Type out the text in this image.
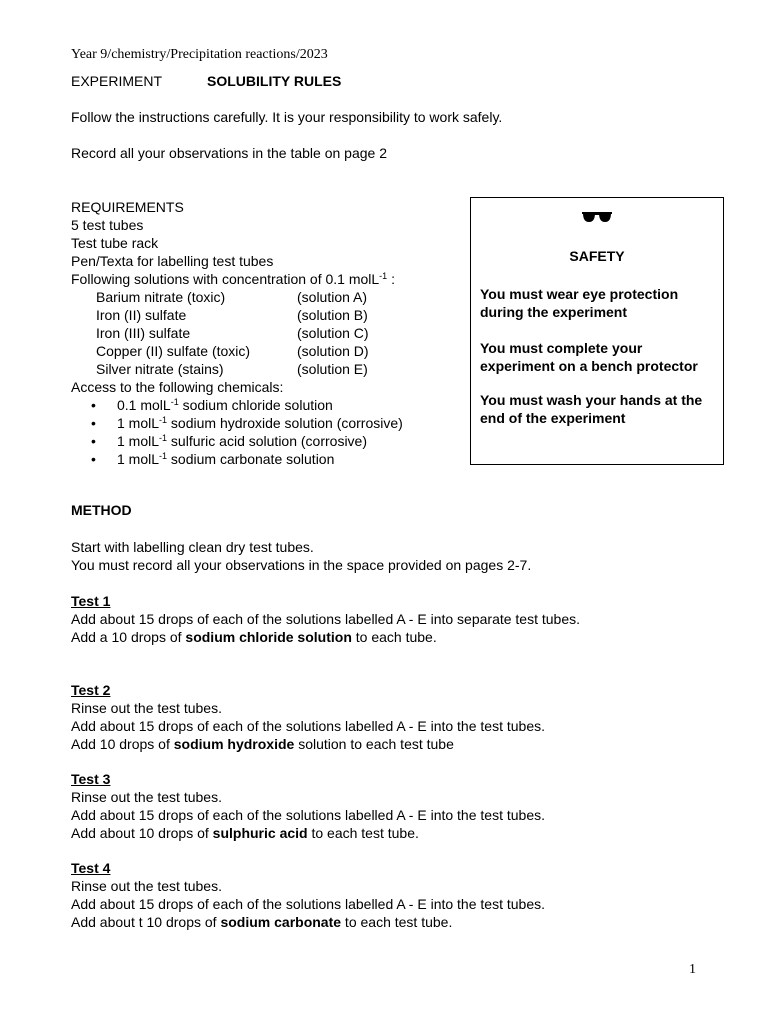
Year 9/chemistry/Precipitation reactions/2023
EXPERIMENT	SOLUBILITY RULES
Follow the instructions carefully. It is your responsibility to work safely.
Record all your observations in the table on page 2
REQUIREMENTS
5 test tubes
Test tube rack
Pen/Texta for labelling test tubes
Following solutions with concentration of 0.1 molL$^{-1}$ :
Barium nitrate (toxic)	(solution A)
Iron (II) sulfate	(solution B)
Iron (III) sulfate	(solution C)
Copper (II) sulfate (toxic)	(solution D)
Silver nitrate (stains)	(solution E)
Access to the following chemicals:
• 0.1 molL$^{-1}$ sodium chloride solution
• 1 molL$^{-1}$ sodium hydroxide solution (corrosive)
• 1 molL$^{-1}$ sulfuric acid solution (corrosive)
• 1 molL$^{-1}$ sodium carbonate solution
SAFETY
You must wear eye protection during the experiment
You must complete your experiment on a bench protector
You must wash your hands at the end of the experiment
METHOD
Start with labelling clean dry test tubes.
You must record all your observations in the space provided on pages 2-7.
Test 1
Add about 15 drops of each of the solutions labelled A - E into separate test tubes.
Add a 10 drops of sodium chloride solution to each tube.
Test 2
Rinse out the test tubes.
Add about 15 drops of each of the solutions labelled A - E into the test tubes.
Add 10 drops of sodium hydroxide solution to each test tube
Test 3
Rinse out the test tubes.
Add about 15 drops of each of the solutions labelled A - E into the test tubes.
Add about 10 drops of sulphuric acid to each test tube.
Test 4
Rinse out the test tubes.
Add about 15 drops of each of the solutions labelled A - E into the test tubes.
Add about t 10 drops of sodium carbonate to each test tube.
1
